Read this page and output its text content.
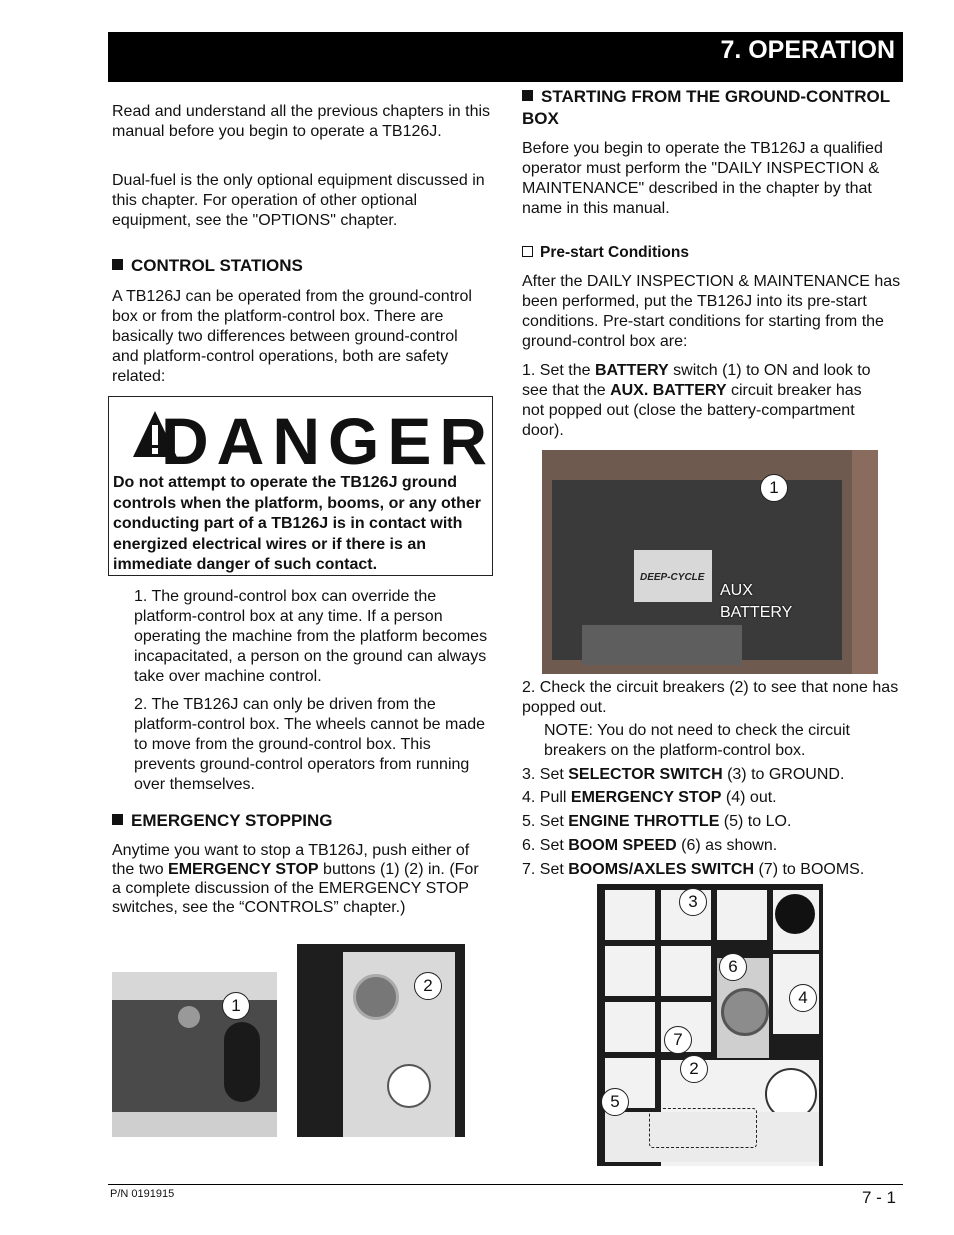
7. OPERATION

Read and understand all the previous chapters in this manual before you begin to operate a TB126J.

Dual-fuel is the only optional equipment discussed in this chapter. For operation of other optional equipment, see the "OPTIONS" chapter.

CONTROL STATIONS

A TB126J can be operated from the ground-control box or from the platform-control box. There are basically two differences between ground-control and platform-control operations, both are safety related:

DANGER
Do not attempt to operate the TB126J ground controls when the platform, booms, or any other conducting part of a TB126J is in contact with energized electrical wires or if there is an immediate danger of such contact.

1. The ground-control box can override the platform-control box at any time. If a person operating the machine from the platform becomes incapacitated, a person on the ground can always take over machine control.

2. The TB126J can only be driven from the platform-control box. The wheels cannot be made to move from the ground-control box. This prevents ground-control operators from running over themselves.

EMERGENCY STOPPING

Anytime you want to stop a TB126J, push either of the two EMERGENCY STOP buttons (1) (2) in. (For a complete discussion of the EMERGENCY STOP switches, see the “CONTROLS” chapter.)

1
2
STARTING FROM THE GROUND-CONTROL BOX

Before you begin to operate the TB126J a qualified operator must perform the "DAILY INSPECTION & MAINTENANCE" described in the chapter by that name in this manual.

Pre-start Conditions

After the DAILY INSPECTION & MAINTENANCE has been performed, put the TB126J into its pre-start conditions. Pre-start conditions for starting from the ground-control box are:

1. Set the BATTERY switch (1) to ON and look to see that the AUX. BATTERY circuit breaker has not popped out (close the battery-compartment door).

DEEP-CYCLE
AUX
BATTERY
1

2. Check the circuit breakers (2) to see that none has popped out.

NOTE: You do not need to check the circuit breakers on the platform-control box.

3. Set SELECTOR SWITCH (3) to GROUND.

4. Pull EMERGENCY STOP (4) out.

5. Set ENGINE THROTTLE (5) to LO.

6. Set BOOM SPEED (6) as shown.

7. Set BOOMS/AXLES SWITCH (7) to BOOMS.

3
6
4
7
2
5
P/N 0191915	7 - 1
